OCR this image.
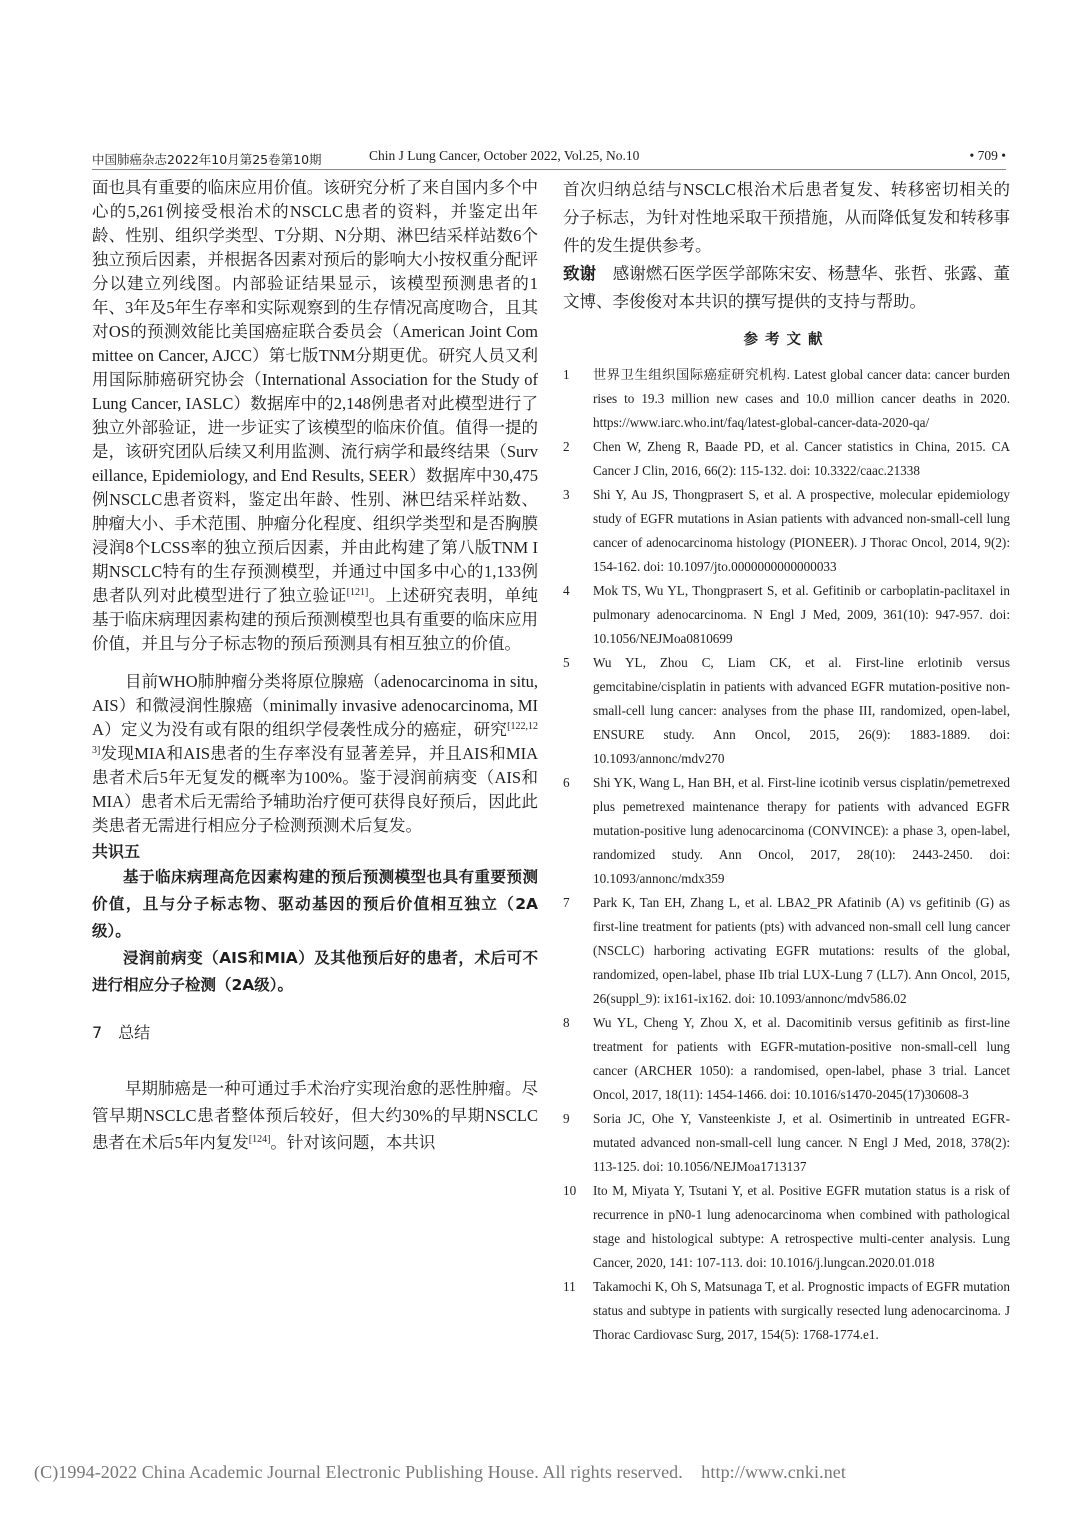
中国肺癌杂志2022年10月第25卷第10期	Chin J Lung Cancer, October 2022, Vol.25, No.10	• 709 •

面也具有重要的临床应用价值。该研究分析了来自国内多个中心的5,261例接受根治术的NSCLC患者的资料，并鉴定出年龄、性别、组织学类型、T分期、N分期、淋巴结采样站数6个独立预后因素，并根据各因素对预后的影响大小按权重分配评分以建立列线图。内部验证结果显示，该模型预测患者的1年、3年及5年生存率和实际观察到的生存情况高度吻合，且其对OS的预测效能比美国癌症联合委员会（American Joint Committee on Cancer, AJCC）第七版TNM分期更优。研究人员又利用国际肺癌研究协会（International Association for the Study of Lung Cancer, IASLC）数据库中的2,148例患者对此模型进行了独立外部验证，进一步证实了该模型的临床价值。值得一提的是，该研究团队后续又利用监测、流行病学和最终结果（Surveillance, Epidemiology, and End Results, SEER）数据库中30,475例NSCLC患者资料，鉴定出年龄、性别、淋巴结采样站数、肿瘤大小、手术范围、肿瘤分化程度、组织学类型和是否胸膜浸润8个LCSS率的独立预后因素，并由此构建了第八版TNM I期NSCLC特有的生存预测模型，并通过中国多中心的1,133例患者队列对此模型进行了独立验证[121]。上述研究表明，单纯基于临床病理因素构建的预后预测模型也具有重要的临床应用价值，并且与分子标志物的预后预测具有相互独立的价值。

目前WHO肺肿瘤分类将原位腺癌（adenocarcinoma in situ, AIS）和微浸润性腺癌（minimally invasive adenocarcinoma, MIA）定义为没有或有限的组织学侵袭性成分的癌症，研究[122,123]发现MIA和AIS患者的生存率没有显著差异，并且AIS和MIA患者术后5年无复发的概率为100%。鉴于浸润前病变（AIS和MIA）患者术后无需给予辅助治疗便可获得良好预后，因此此类患者无需进行相应分子检测预测术后复发。

共识五

基于临床病理高危因素构建的预后预测模型也具有重要预测价值，且与分子标志物、驱动基因的预后价值相互独立（2A级）。

浸润前病变（AIS和MIA）及其他预后好的患者，术后可不进行相应分子检测（2A级）。

7　总结

早期肺癌是一种可通过手术治疗实现治愈的恶性肿瘤。尽管早期NSCLC患者整体预后较好，但大约30%的早期NSCLC患者在术后5年内复发[124]。针对该问题，本共识

首次归纳总结与NSCLC根治术后患者复发、转移密切相关的分子标志，为针对性地采取干预措施，从而降低复发和转移事件的发生提供参考。

致谢　 感谢燃石医学医学部陈宋安、杨慧华、张哲、张露、董文博、李俊俊对本共识的撰写提供的支持与帮助。

参考文献

1	世界卫生组织国际癌症研究机构. Latest global cancer data: cancer burden rises to 19.3 million new cases and 10.0 million cancer deaths in 2020. https://www.iarc.who.int/faq/latest-global-cancer-data-2020-qa/
2	Chen W, Zheng R, Baade PD, et al. Cancer statistics in China, 2015. CA Cancer J Clin, 2016, 66(2): 115-132. doi: 10.3322/caac.21338
3	Shi Y, Au JS, Thongprasert S, et al. A prospective, molecular epidemiology study of EGFR mutations in Asian patients with advanced non-small-cell lung cancer of adenocarcinoma histology (PIONEER). J Thorac Oncol, 2014, 9(2): 154-162. doi: 10.1097/jto.0000000000000033
4	Mok TS, Wu YL, Thongprasert S, et al. Gefitinib or carboplatin-paclitaxel in pulmonary adenocarcinoma. N Engl J Med, 2009, 361(10): 947-957. doi: 10.1056/NEJMoa0810699
5	Wu YL, Zhou C, Liam CK, et al. First-line erlotinib versus gemcitabine/cisplatin in patients with advanced EGFR mutation-positive non-small-cell lung cancer: analyses from the phase III, randomized, open-label, ENSURE study. Ann Oncol, 2015, 26(9): 1883-1889. doi: 10.1093/annonc/mdv270
6	Shi YK, Wang L, Han BH, et al. First-line icotinib versus cisplatin/pemetrexed plus pemetrexed maintenance therapy for patients with advanced EGFR mutation-positive lung adenocarcinoma (CONVINCE): a phase 3, open-label, randomized study. Ann Oncol, 2017, 28(10): 2443-2450. doi: 10.1093/annonc/mdx359
7	Park K, Tan EH, Zhang L, et al. LBA2_PR Afatinib (A) vs gefitinib (G) as first-line treatment for patients (pts) with advanced non-small cell lung cancer (NSCLC) harboring activating EGFR mutations: results of the global, randomized, open-label, phase IIb trial LUX-Lung 7 (LL7). Ann Oncol, 2015, 26(suppl_9): ix161-ix162. doi: 10.1093/annonc/mdv586.02
8	Wu YL, Cheng Y, Zhou X, et al. Dacomitinib versus gefitinib as first-line treatment for patients with EGFR-mutation-positive non-small-cell lung cancer (ARCHER 1050): a randomised, open-label, phase 3 trial. Lancet Oncol, 2017, 18(11): 1454-1466. doi: 10.1016/s1470-2045(17)30608-3
9	Soria JC, Ohe Y, Vansteenkiste J, et al. Osimertinib in untreated EGFR-mutated advanced non-small-cell lung cancer. N Engl J Med, 2018, 378(2): 113-125. doi: 10.1056/NEJMoa1713137
10	Ito M, Miyata Y, Tsutani Y, et al. Positive EGFR mutation status is a risk of recurrence in pN0-1 lung adenocarcinoma when combined with pathological stage and histological subtype: A retrospective multi-center analysis. Lung Cancer, 2020, 141: 107-113. doi: 10.1016/j.lungcan.2020.01.018
11	Takamochi K, Oh S, Matsunaga T, et al. Prognostic impacts of EGFR mutation status and subtype in patients with surgically resected lung adenocarcinoma. J Thorac Cardiovasc Surg, 2017, 154(5): 1768-1774.e1.
(C)1994-2022 China Academic Journal Electronic Publishing House. All rights reserved.    http://www.cnki.net
